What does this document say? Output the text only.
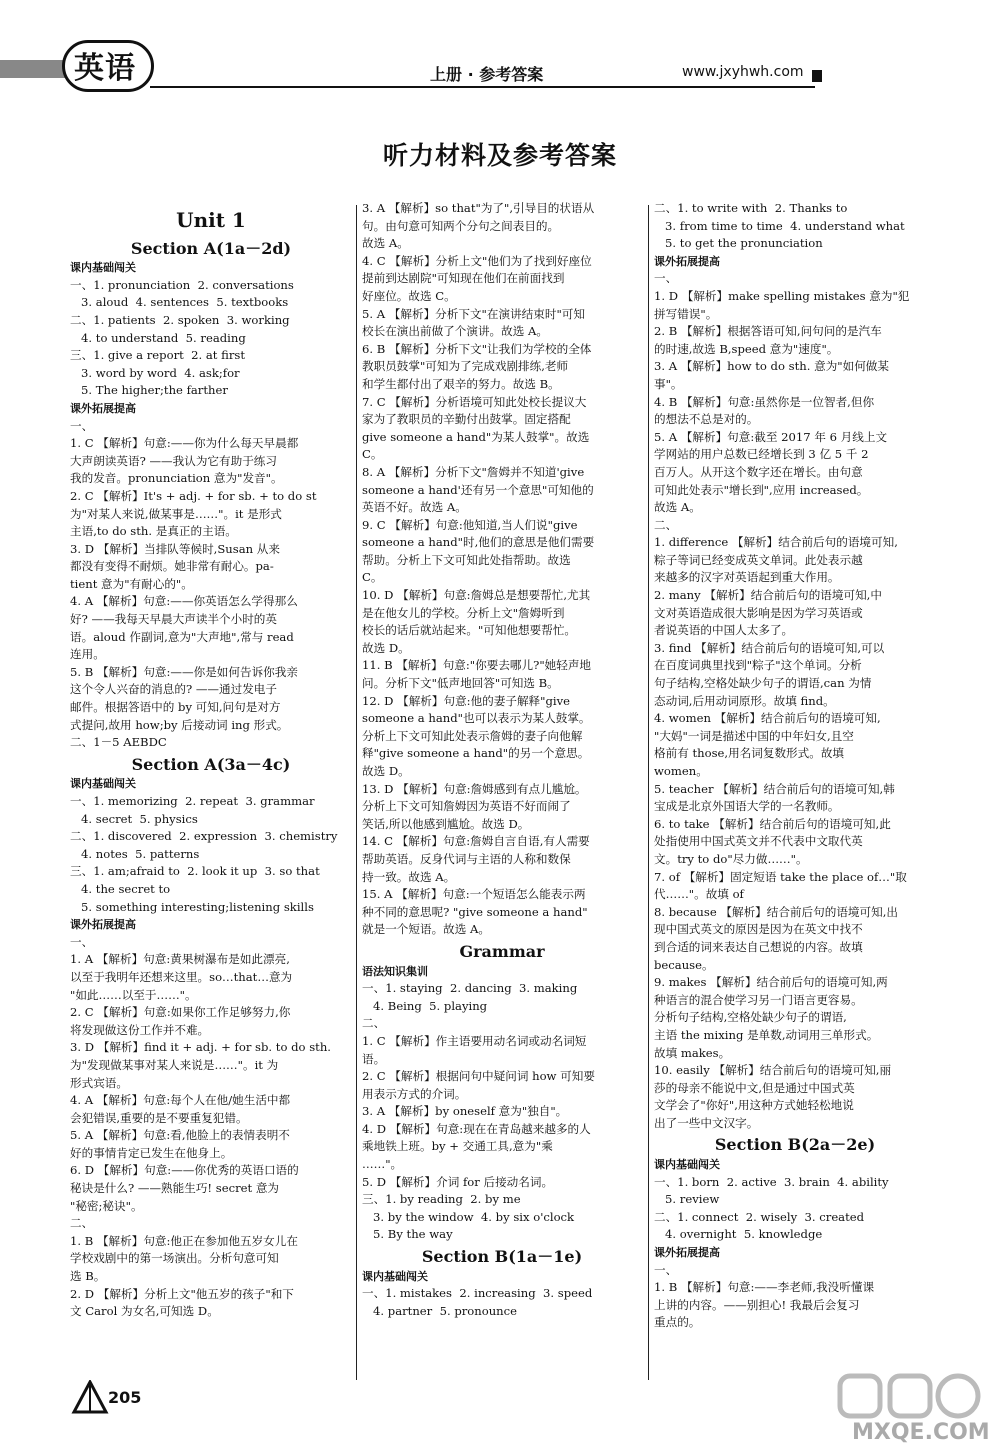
英语	上册 · 参考答案	www.jxyhwh.com
听力材料及参考答案
Unit 1
Section A(1a－2d)
课内基础闯关
一、1. pronunciation  2. conversations
3. aloud  4. sentences  5. textbooks
二、1. patients  2. spoken  3. working
4. to understand  5. reading
三、1. give a report  2. at first
3. word by word  4. ask;for
5. The higher;the farther
课外拓展提高
一、
1. C 【解析】句意:——你为什么每天早晨都
大声朗读英语? ——我认为它有助于练习
我的发音。pronunciation 意为"发音"。
2. C 【解析】It's + adj. + for sb. + to do st
为"对某人来说,做某事是……"。it 是形式
主语,to do sth. 是真正的主语。
3. D 【解析】当排队等候时,Susan 从来
都没有变得不耐烦。她非常有耐心。pa-
tient 意为"有耐心的"。
4. A 【解析】句意:——你英语怎么学得那么
好? ——我每天早晨大声读半个小时的英
语。aloud 作副词,意为"大声地",常与 read
连用。
5. B 【解析】句意:——你是如何告诉你我亲
这个令人兴奋的消息的? ——通过发电子
邮件。根据答语中的 by 可知,问句是对方
式提问,故用 how;by 后接动词 ing 形式。
二、1－5 AEBDC
Section A(3a－4c)
课内基础闯关
一、1. memorizing  2. repeat  3. grammar
4. secret  5. physics
二、1. discovered  2. expression  3. chemistry
4. notes  5. patterns
三、1. am;afraid to  2. look it up  3. so that
4. the secret to
5. something interesting;listening skills
课外拓展提高
一、
1. A 【解析】句意:黄果树瀑布是如此漂亮,
以至于我明年还想来这里。so…that…意为
"如此……以至于……"。
2. C 【解析】句意:如果你工作足够努力,你
将发现做这份工作并不难。
3. D 【解析】find it + adj. + for sb. to do sth.
为"发现做某事对某人来说是……"。it 为
形式宾语。
4. A 【解析】句意:每个人在他/她生活中都
会犯错误,重要的是不要重复犯错。
5. A 【解析】句意:看,他脸上的表情表明不
好的事情肯定已发生在他身上。
6. D 【解析】句意:——你优秀的英语口语的
秘诀是什么? ——熟能生巧! secret 意为
"秘密;秘诀"。
二、
1. B 【解析】句意:他正在参加他五岁女儿在
学校戏剧中的第一场演出。分析句意可知
选 B。
2. D 【解析】分析上文"他五岁的孩子"和下
文 Carol 为女名,可知选 D。
3. A 【解析】so that"为了",引导目的状语从
句。由句意可知两个分句之间表目的。
故选 A。
4. C 【解析】分析上文"他们为了找到好座位
提前到达剧院"可知现在他们在前面找到
好座位。故选 C。
5. A 【解析】分析下文"在演讲结束时"可知
校长在演出前做了个演讲。故选 A。
6. B 【解析】分析下文"让我们为学校的全体
教职员鼓掌"可知为了完成戏剧排练,老师
和学生都付出了艰辛的努力。故选 B。
7. C 【解析】分析语境可知此处校长提议大
家为了教职员的辛勤付出鼓掌。固定搭配
give someone a hand"为某人鼓掌"。故选
C。
8. A 【解析】分析下文"詹姆并不知道'give
someone a hand'还有另一个意思"可知他的
英语不好。故选 A。
9. C 【解析】句意:他知道,当人们说"give
someone a hand"时,他们的意思是他们需要
帮助。分析上下文可知此处指帮助。故选
C。
10. D 【解析】句意:詹姆总是想要帮忙,尤其
是在他女儿的学校。分析上文"詹姆听到
校长的话后就站起来。"可知他想要帮忙。
故选 D。
11. B 【解析】句意:"你要去哪儿?"她轻声地
问。分析下文"低声地回答"可知选 B。
12. D 【解析】句意:他的妻子解释"give
someone a hand"也可以表示为某人鼓掌。
分析上下文可知此处表示詹姆的妻子向他解
释"give someone a hand"的另一个意思。
故选 D。
13. D 【解析】句意:詹姆感到有点儿尴尬。
分析上下文可知詹姆因为英语不好而闹了
笑话,所以他感到尴尬。故选 D。
14. C 【解析】句意:詹姆自言自语,有人需要
帮助英语。反身代词与主语的人称和数保
持一致。故选 A。
15. A 【解析】句意:一个短语怎么能表示两
种不同的意思呢? "give someone a hand"
就是一个短语。故选 A。
Grammar
语法知识集训
一、1. staying  2. dancing  3. making
4. Being  5. playing
二、
1. C 【解析】作主语要用动名词或动名词短
语。
2. C 【解析】根据问句中疑问词 how 可知要
用表示方式的介词。
3. A 【解析】by oneself 意为"独自"。
4. D 【解析】句意:现在在青岛越来越多的人
乘地铁上班。by + 交通工具,意为"乘
……"。
5. D 【解析】介词 for 后接动名词。
三、1. by reading  2. by me
3. by the window  4. by six o'clock
5. By the way
Section B(1a－1e)
课内基础闯关
一、1. mistakes  2. increasing  3. speed
4. partner  5. pronounce
二、1. to write with  2. Thanks to
3. from time to time  4. understand what
5. to get the pronunciation
课外拓展提高
一、
1. D 【解析】make spelling mistakes 意为"犯
拼写错误"。
2. B 【解析】根据答语可知,问句问的是汽车
的时速,故选 B,speed 意为"速度"。
3. A 【解析】how to do sth. 意为"如何做某
事"。
4. B 【解析】句意:虽然你是一位智者,但你
的想法不总是对的。
5. A 【解析】句意:截至 2017 年 6 月线上文
学网站的用户总数已经增长到 3 亿 5 千 2
百万人。从开这个数字还在增长。由句意
可知此处表示"增长到",应用 increased。
故选 A。
二、
1. difference 【解析】结合前后句的语境可知,
粽子等词已经变成英文单词。此处表示越
来越多的汉字对英语起到重大作用。
2. many 【解析】结合前后句的语境可知,中
文对英语造成很大影响是因为学习英语或
者说英语的中国人太多了。
3. find 【解析】结合前后句的语境可知,可以
在百度词典里找到"粽子"这个单词。分析
句子结构,空格处缺少句子的谓语,can 为情
态动词,后用动词原形。故填 find。
4. women 【解析】结合前后句的语境可知,
"大妈"一词是描述中国的中年妇女,且空
格前有 those,用名词复数形式。故填
women。
5. teacher 【解析】结合前后句的语境可知,韩
宝成是北京外国语大学的一名教师。
6. to take 【解析】结合前后句的语境可知,此
处指使用中国式英文并不代表中文取代英
文。try to do"尽力做……"。
7. of 【解析】固定短语 take the place of…"取
代……"。故填 of
8. because 【解析】结合前后句的语境可知,出
现中国式英文的原因是因为在英文中找不
到合适的词来表达自己想说的内容。故填
because。
9. makes 【解析】结合前后句的语境可知,两
种语言的混合使学习另一门语言更容易。
分析句子结构,空格处缺少句子的谓语,
主语 the mixing 是单数,动词用三单形式。
故填 makes。
10. easily 【解析】结合前后句的语境可知,丽
莎的母亲不能说中文,但是通过中国式英
文学会了"你好",用这种方式她轻松地说
出了一些中文汉字。
Section B(2a－2e)
课内基础闯关
一、1. born  2. active  3. brain  4. ability
5. review
二、1. connect  2. wisely  3. created
4. overnight  5. knowledge
课外拓展提高
一、
1. B 【解析】句意:——李老师,我没听懂课
上讲的内容。——别担心! 我最后会复习
重点的。
205
MXQE.COM
